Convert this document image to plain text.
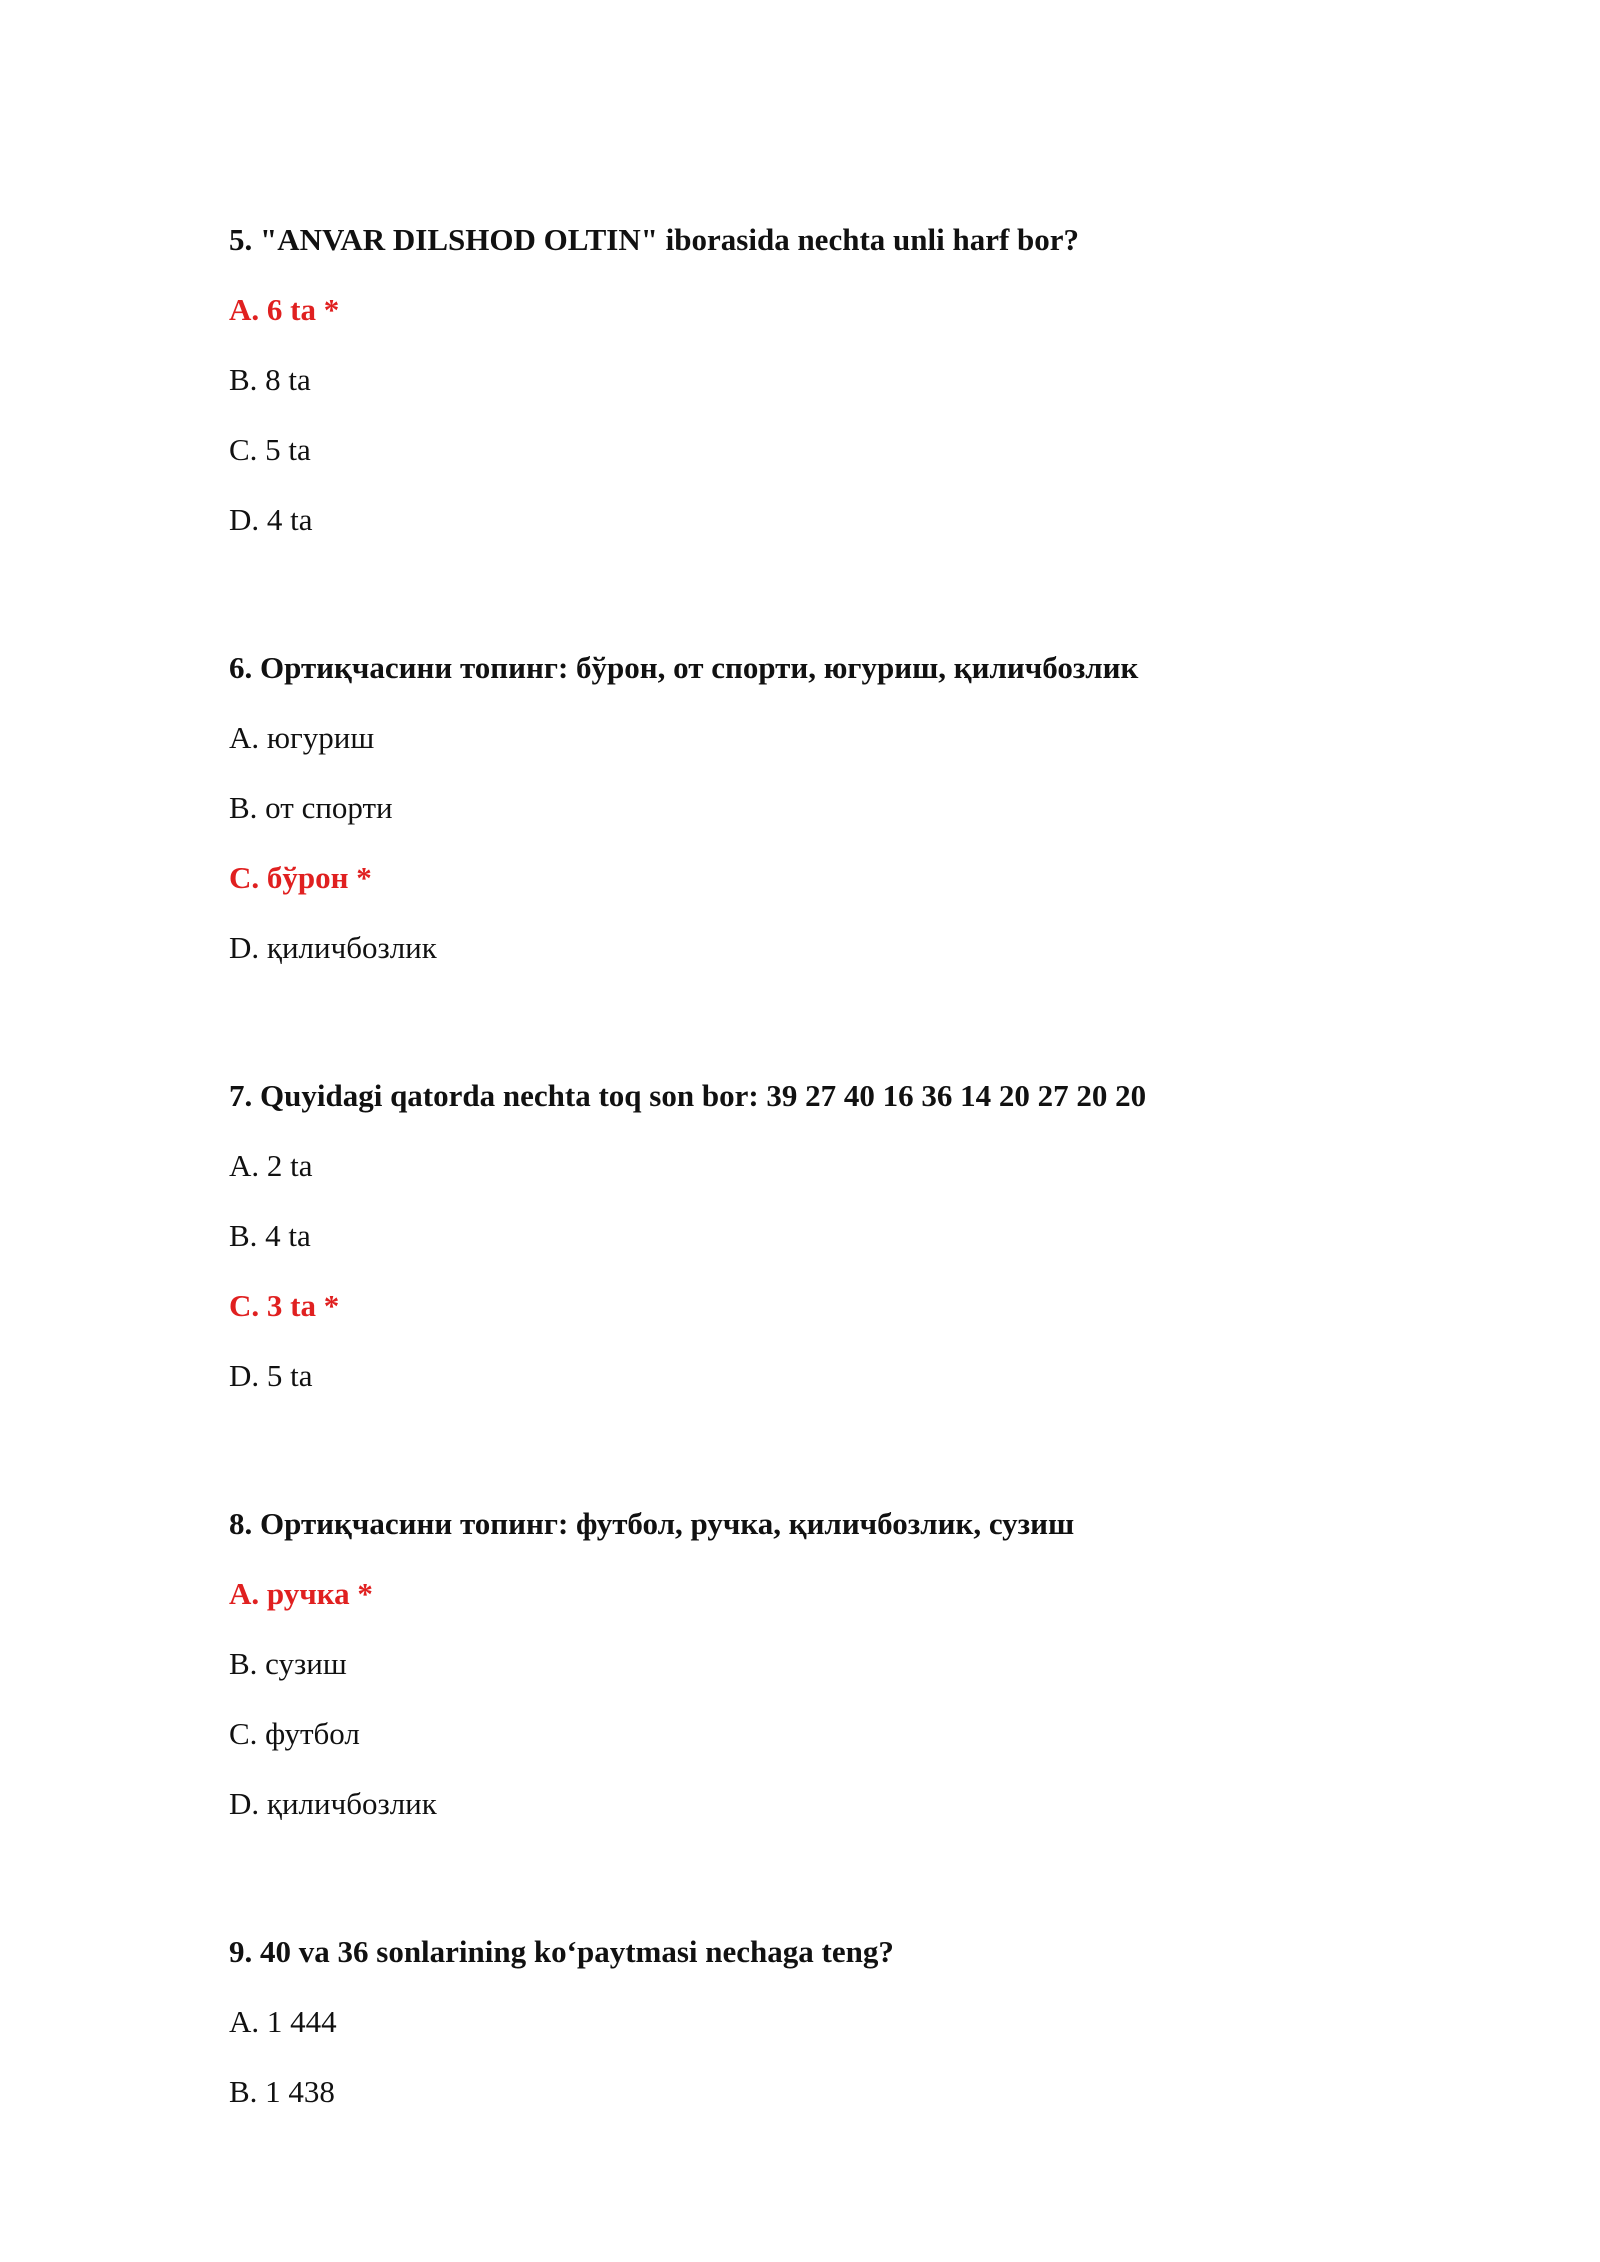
5. "ANVAR DILSHOD OLTIN" iborasida nechta unli harf bor?

A. 6 ta *
B. 8 ta
C. 5 ta
D. 4 ta

6. Ортиқчасини топинг: бўрон, от спорти, югуриш, қиличбозлик

A. югуриш
B. от спорти
C. бўрон *
D. қиличбозлик

7. Quyidagi qatorda nechta toq son bor: 39 27 40 16 36 14 20 27 20 20

A. 2 ta
B. 4 ta
C. 3 ta *
D. 5 ta

8. Ортиқчасини топинг: футбол, ручка, қиличбозлик, сузиш

A. ручка *
B. сузиш
C. футбол
D. қиличбозлик

9. 40 va 36 sonlarining ko‘paytmasi nechaga teng?

A. 1 444
B. 1 438
